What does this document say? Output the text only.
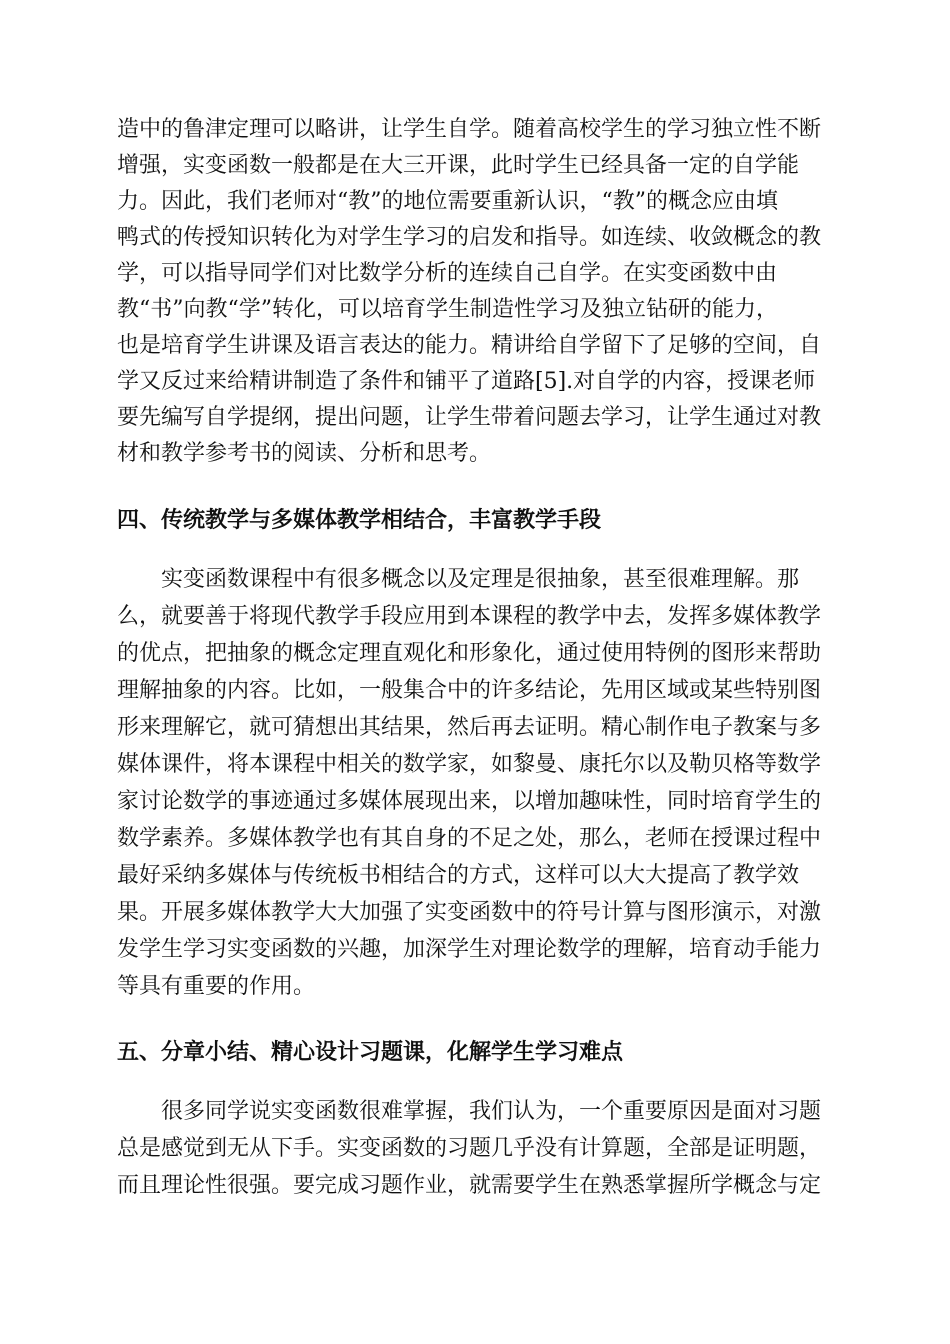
造中的鲁津定理可以略讲，让学生自学。随着高校学生的学习独立性不断

增强，实变函数一般都是在大三开课，此时学生已经具备一定的自学能

力。因此，我们老师对“教”的地位需要重新认识，“教”的概念应由填

鸭式的传授知识转化为对学生学习的启发和指导。如连续、收敛概念的教

学，可以指导同学们对比数学分析的连续自己自学。在实变函数中由

教“书”向教“学”转化，可以培育学生制造性学习及独立钻研的能力，

也是培育学生讲课及语言表达的能力。精讲给自学留下了足够的空间，自

学又反过来给精讲制造了条件和铺平了道路[5].对自学的内容，授课老师

要先编写自学提纲，提出问题，让学生带着问题去学习，让学生通过对教

材和教学参考书的阅读、分析和思考。

四、传统教学与多媒体教学相结合，丰富教学手段

实变函数课程中有很多概念以及定理是很抽象，甚至很难理解。那

么，就要善于将现代教学手段应用到本课程的教学中去，发挥多媒体教学

的优点，把抽象的概念定理直观化和形象化，通过使用特例的图形来帮助

理解抽象的内容。比如，一般集合中的许多结论，先用区域或某些特别图

形来理解它，就可猜想出其结果，然后再去证明。精心制作电子教案与多

媒体课件，将本课程中相关的数学家，如黎曼、康托尔以及勒贝格等数学

家讨论数学的事迹通过多媒体展现出来，以增加趣味性，同时培育学生的

数学素养。多媒体教学也有其自身的不足之处，那么，老师在授课过程中

最好采纳多媒体与传统板书相结合的方式，这样可以大大提高了教学效

果。开展多媒体教学大大加强了实变函数中的符号计算与图形演示，对激

发学生学习实变函数的兴趣，加深学生对理论数学的理解，培育动手能力

等具有重要的作用。

五、分章小结、精心设计习题课，化解学生学习难点

很多同学说实变函数很难掌握，我们认为，一个重要原因是面对习题

总是感觉到无从下手。实变函数的习题几乎没有计算题，全部是证明题，

而且理论性很强。要完成习题作业，就需要学生在熟悉掌握所学概念与定
